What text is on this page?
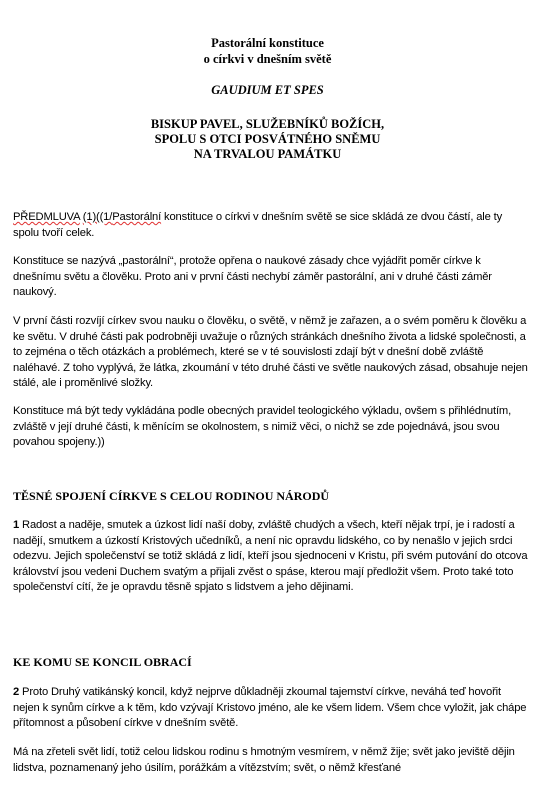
Pastorální konstituce
o církvi v dnešním světě
GAUDIUM ET SPES
BISKUP PAVEL, SLUŽEBNÍKŮ BOŽÍCH,
SPOLU S OTCI POSVÁTNÉHO SNĚMU
NA TRVALOU PAMÁTKU
PŘEDMLUVA (1)((1/Pastorální konstituce o církvi v dnešním světě se sice skládá ze dvou částí, ale ty spolu tvoří celek.
Konstituce se nazývá „pastorální“, protože opřena o naukové zásady chce vyjádřit poměr církve k dnešnímu světu a člověku. Proto ani v první části nechybí záměr pastorální, ani v druhé části záměr naukový.
V první části rozvíjí církev svou nauku o člověku, o světě, v němž je zařazen, a o svém poměru k člověku a ke světu. V druhé části pak podrobněji uvažuje o různých stránkách dnešního života a lidské společnosti, a to zejména o těch otázkách a problémech, které se v té souvislosti zdají být v dnešní době zvláště naléhavé. Z toho vyplývá, že látka, zkoumání v této druhé části ve světle naukových zásad, obsahuje nejen stálé, ale i proměnlivé složky.
Konstituce má být tedy vykládána podle obecných pravidel teologického výkladu, ovšem s přihlédnutím, zvláště v její druhé části, k měnícím se okolnostem, s nimiž věci, o nichž se zde pojednává, jsou svou povahou spojeny.))
TĚSNÉ SPOJENÍ CÍRKVE S CELOU RODINOU NÁRODŮ
1 Radost a naděje, smutek a úzkost lidí naší doby, zvláště chudých a všech, kteří nějak trpí, je i radostí a nadějí, smutkem a úzkostí Kristových učedníků, a není nic opravdu lidského, co by nenašlo v jejich srdci odezvu. Jejich společenství se totiž skládá z lidí, kteří jsou sjednoceni v Kristu, při svém putování do otcova království jsou vedeni Duchem svatým a přijali zvěst o spáse, kterou mají předložit všem. Proto také toto společenství cítí, že je opravdu těsně spjato s lidstvem a jeho dějinami.
KE KOMU SE KONCIL OBRACÍ
2 Proto Druhý vatikánský koncil, když nejprve důkladněji zkoumal tajemství církve, neváhá teď hovořit nejen k synům církve a k těm, kdo vzývají Kristovo jméno, ale ke všem lidem. Všem chce vyložit, jak chápe přítomnost a působení církve v dnešním světě.
Má na zřeteli svět lidí, totiž celou lidskou rodinu s hmotným vesmírem, v němž žije; svět jako jeviště dějin lidstva, poznamenaný jeho úsilím, porážkám a vítězstvím; svět, o němž křesťané
